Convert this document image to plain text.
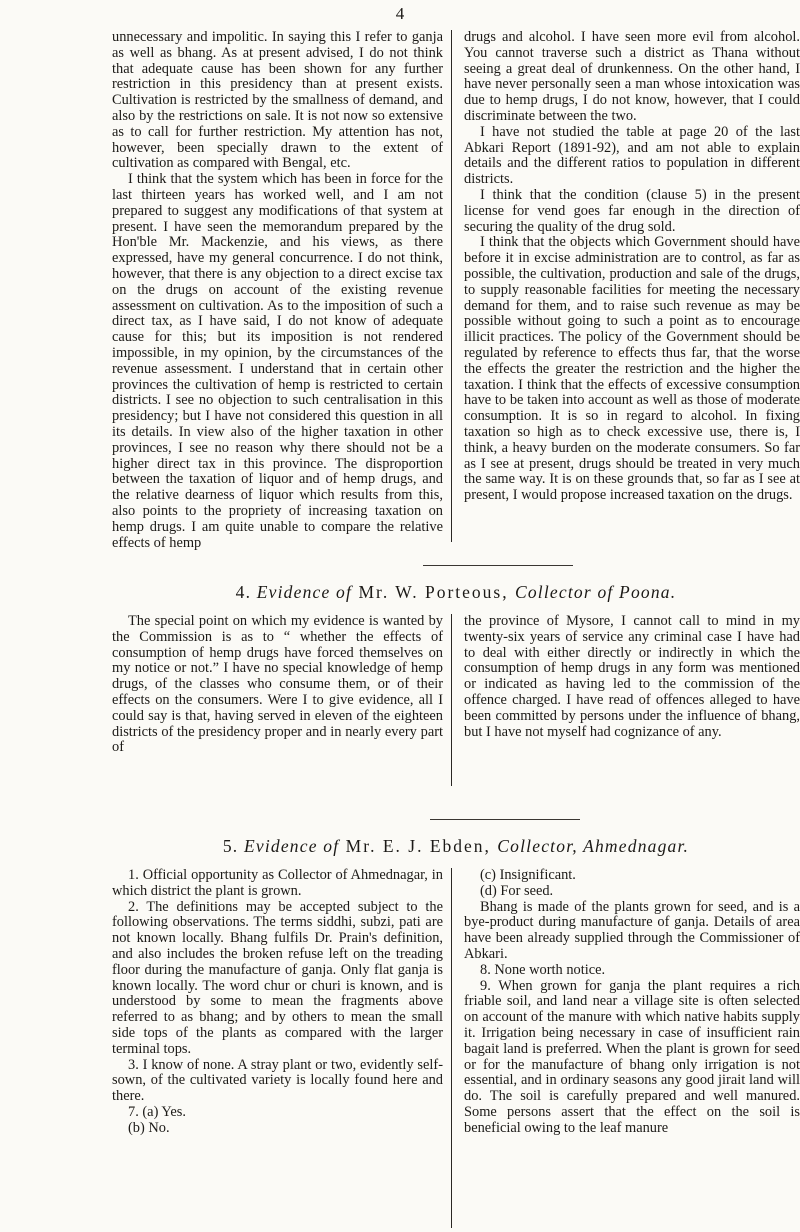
4

unnecessary and impolitic. In saying this I refer to ganja as well as bhang. As at present advised, I do not think that adequate cause has been shown for any further restriction in this presidency than at present exists. Cultivation is restricted by the smallness of demand, and also by the restrictions on sale. It is not now so extensive as to call for further restriction. My attention has not, however, been specially drawn to the extent of cultivation as compared with Bengal, etc.

I think that the system which has been in force for the last thirteen years has worked well, and I am not prepared to suggest any modifications of that system at present. I have seen the memorandum prepared by the Hon'ble Mr. Mackenzie, and his views, as there expressed, have my general concurrence. I do not think, however, that there is any objection to a direct excise tax on the drugs on account of the existing revenue assessment on cultivation. As to the imposition of such a direct tax, as I have said, I do not know of adequate cause for this; but its imposition is not rendered impossible, in my opinion, by the circumstances of the revenue assessment. I understand that in certain other provinces the cultivation of hemp is restricted to certain districts. I see no objection to such centralisation in this presidency; but I have not considered this question in all its details. In view also of the higher taxation in other provinces, I see no reason why there should not be a higher direct tax in this province. The disproportion between the taxation of liquor and of hemp drugs, and the relative dearness of liquor which results from this, also points to the propriety of increasing taxation on hemp drugs. I am quite unable to compare the relative effects of hemp

drugs and alcohol. I have seen more evil from alcohol. You cannot traverse such a district as Thana without seeing a great deal of drunkenness. On the other hand, I have never personally seen a man whose intoxication was due to hemp drugs, I do not know, however, that I could discriminate between the two.

I have not studied the table at page 20 of the last Abkari Report (1891-92), and am not able to explain details and the different ratios to population in different districts.

I think that the condition (clause 5) in the present license for vend goes far enough in the direction of securing the quality of the drug sold.

I think that the objects which Government should have before it in excise administration are to control, as far as possible, the cultivation, production and sale of the drugs, to supply reasonable facilities for meeting the necessary demand for them, and to raise such revenue as may be possible without going to such a point as to encourage illicit practices. The policy of the Government should be regulated by reference to effects thus far, that the worse the effects the greater the restriction and the higher the taxation. I think that the effects of excessive consumption have to be taken into account as well as those of moderate consumption. It is so in regard to alcohol. In fixing taxation so high as to check excessive use, there is, I think, a heavy burden on the moderate consumers. So far as I see at present, drugs should be treated in very much the same way. It is on these grounds that, so far as I see at present, I would propose increased taxation on the drugs.

4. Evidence of Mr. W. Porteous, Collector of Poona.

The special point on which my evidence is wanted by the Commission is as to “ whether the effects of consumption of hemp drugs have forced themselves on my notice or not.” I have no special knowledge of hemp drugs, of the classes who consume them, or of their effects on the consumers. Were I to give evidence, all I could say is that, having served in eleven of the eighteen districts of the presidency proper and in nearly every part of

the province of Mysore, I cannot call to mind in my twenty-six years of service any criminal case I have had to deal with either directly or indirectly in which the consumption of hemp drugs in any form was mentioned or indicated as having led to the commission of the offence charged. I have read of offences alleged to have been committed by persons under the influence of bhang, but I have not myself had cognizance of any.

5. Evidence of Mr. E. J. Ebden, Collector, Ahmednagar.

1. Official opportunity as Collector of Ahmednagar, in which district the plant is grown.

2. The definitions may be accepted subject to the following observations. The terms siddhi, subzi, pati are not known locally. Bhang fulfils Dr. Prain's definition, and also includes the broken refuse left on the treading floor during the manufacture of ganja. Only flat ganja is known locally. The word chur or churi is known, and is understood by some to mean the fragments above referred to as bhang; and by others to mean the small side tops of the plants as compared with the larger terminal tops.

3. I know of none. A stray plant or two, evidently self-sown, of the cultivated variety is locally found here and there.

7. (a) Yes.

(b) No.

(c) Insignificant.

(d) For seed.

Bhang is made of the plants grown for seed, and is a bye-product during manufacture of ganja. Details of area have been already supplied through the Commissioner of Abkari.

8. None worth notice.

9. When grown for ganja the plant requires a rich friable soil, and land near a village site is often selected on account of the manure with which native habits supply it. Irrigation being necessary in case of insufficient rain bagait land is preferred. When the plant is grown for seed or for the manufacture of bhang only irrigation is not essential, and in ordinary seasons any good jirait land will do. The soil is carefully prepared and well manured. Some persons assert that the effect on the soil is beneficial owing to the leaf manure
